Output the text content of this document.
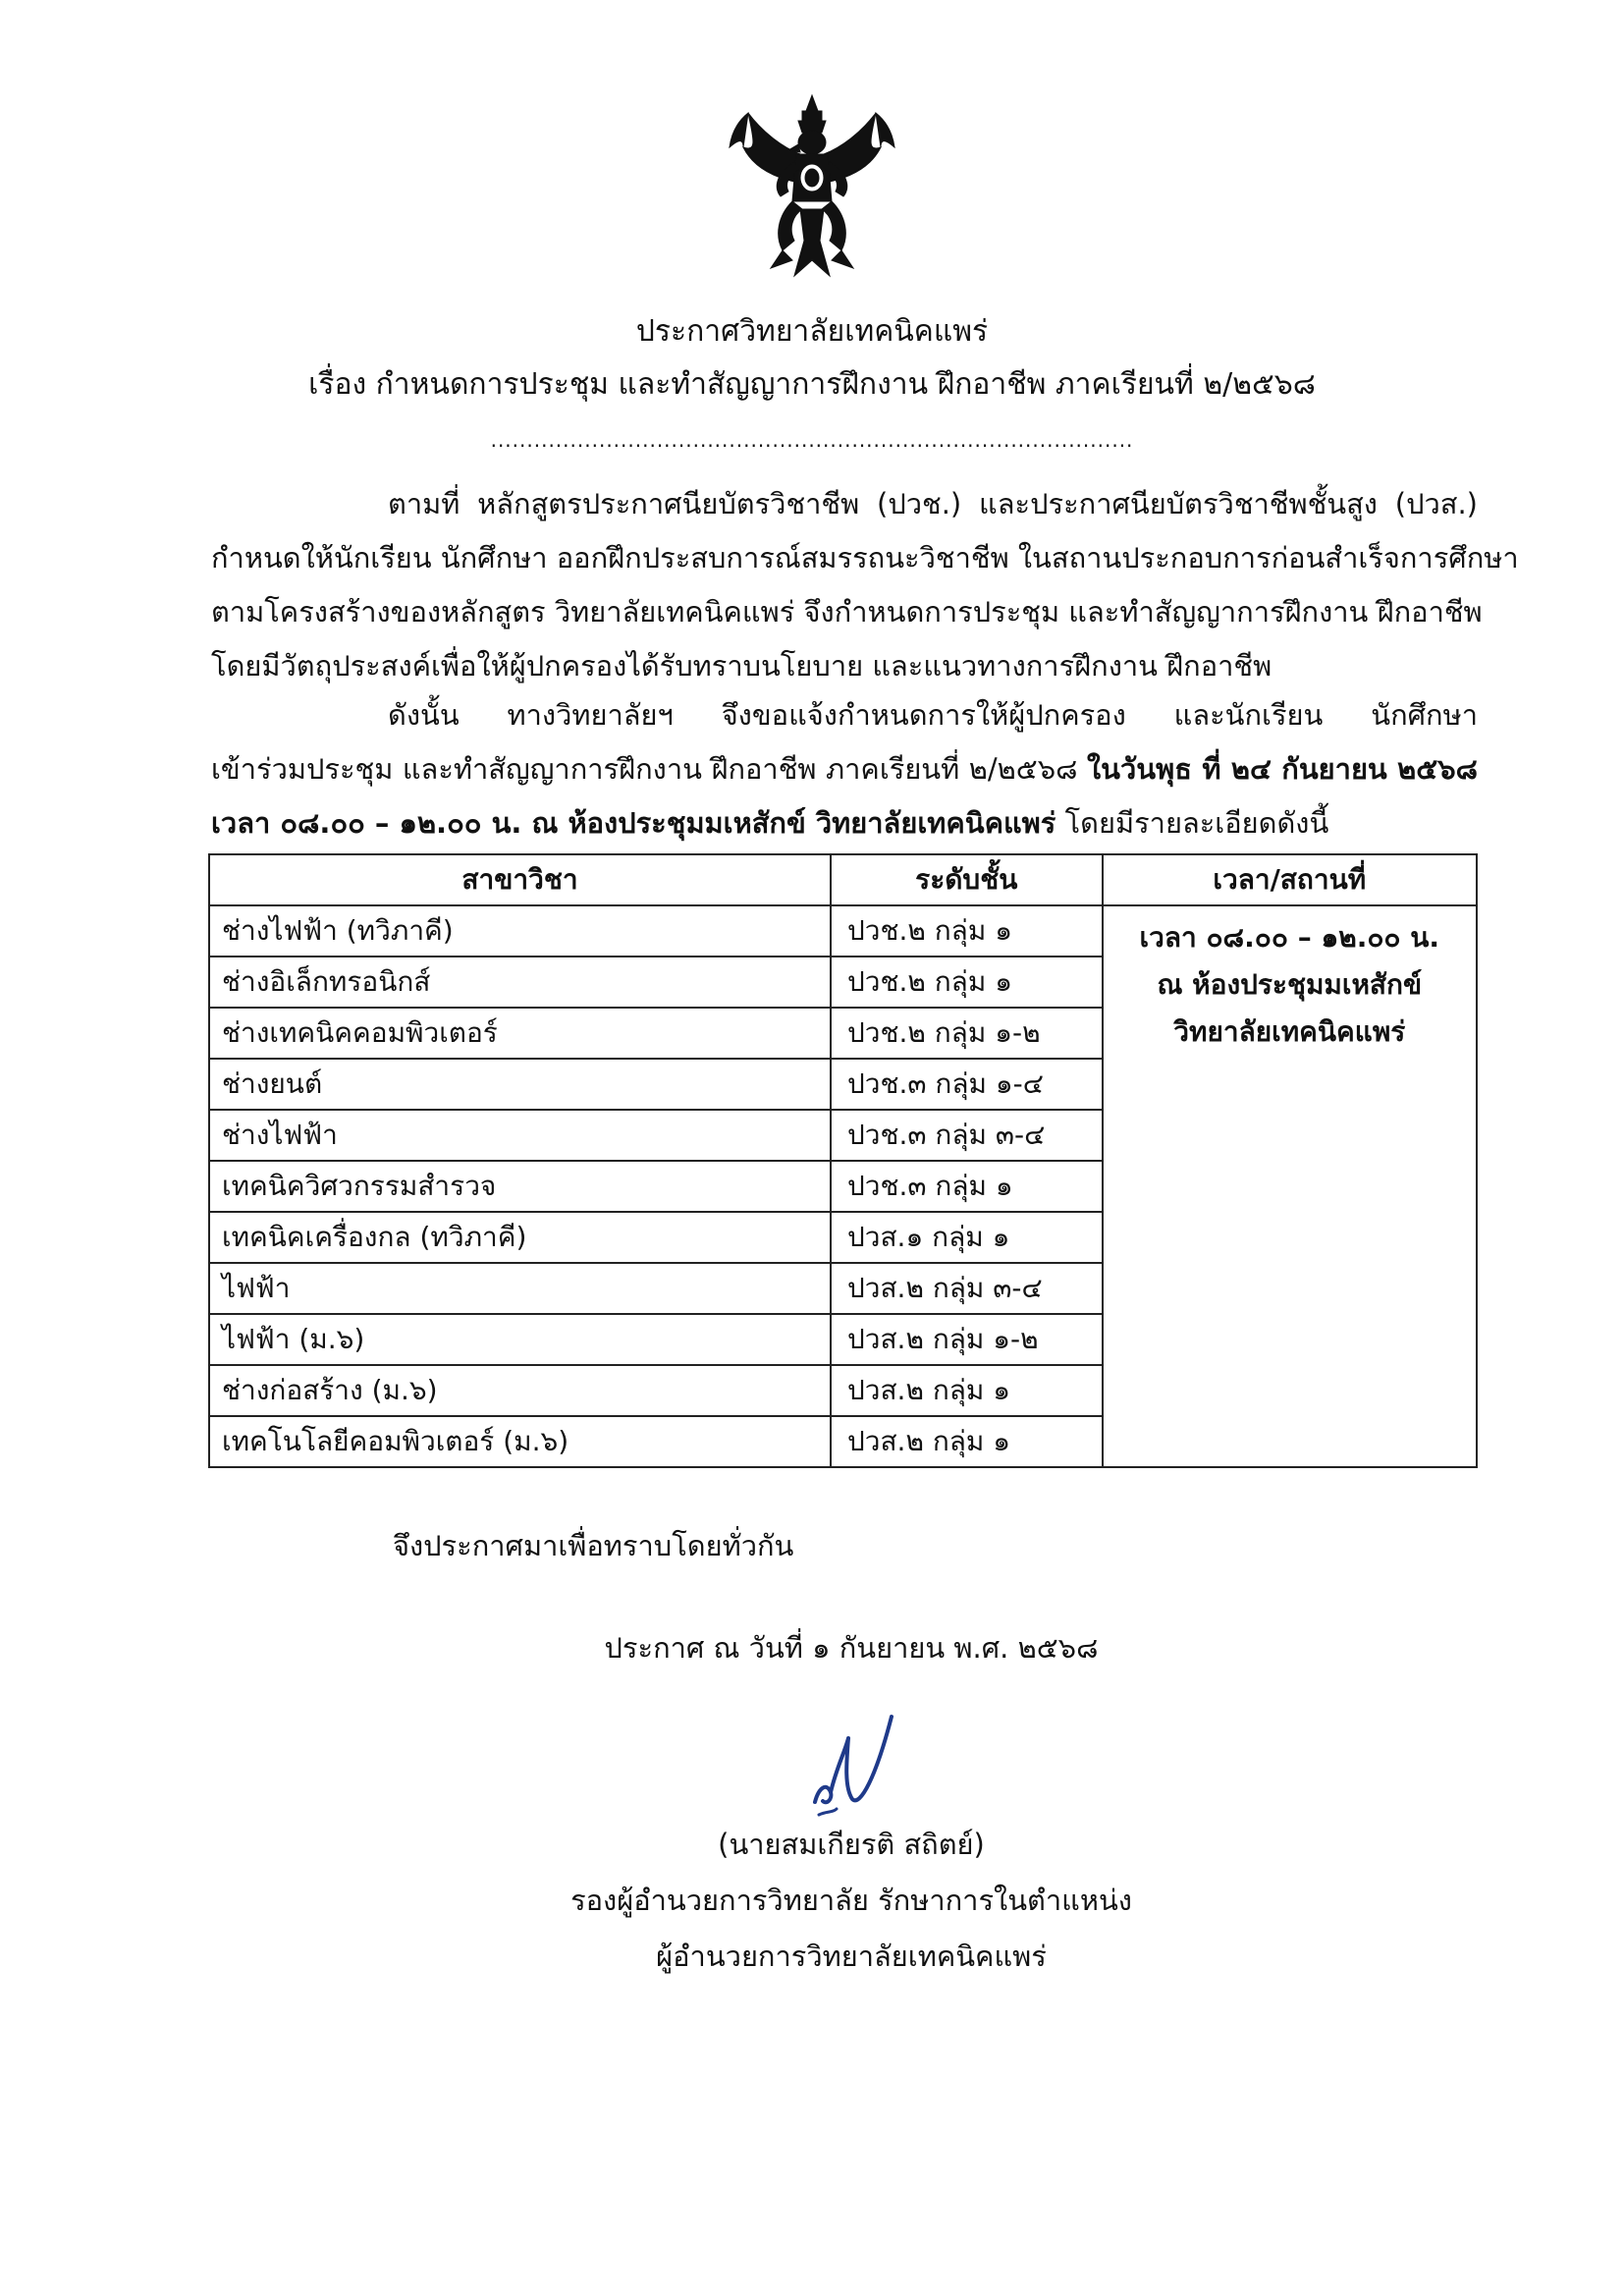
ประกาศวิทยาลัยเทคนิคแพร่
เรื่อง กำหนดการประชุม และทำสัญญาการฝึกงาน ฝึกอาชีพ ภาคเรียนที่ ๒/๒๕๖๘
.........................................................................................
ตามที่ หลักสูตรประกาศนียบัตรวิชาชีพ (ปวช.) และประกาศนียบัตรวิชาชีพชั้นสูง (ปวส.)
กำหนดให้นักเรียน นักศึกษา ออกฝึกประสบการณ์สมรรถนะวิชาชีพ ในสถานประกอบการก่อนสำเร็จการศึกษา
ตามโครงสร้างของหลักสูตร วิทยาลัยเทคนิคแพร่ จึงกำหนดการประชุม และทำสัญญาการฝึกงาน ฝึกอาชีพ
โดยมีวัตถุประสงค์เพื่อให้ผู้ปกครองได้รับทราบนโยบาย และแนวทางการฝึกงาน ฝึกอาชีพ
ดังนั้น ทางวิทยาลัยฯ จึงขอแจ้งกำหนดการให้ผู้ปกครอง และนักเรียน นักศึกษา
เข้าร่วมประชุม และทำสัญญาการฝึกงาน ฝึกอาชีพ ภาคเรียนที่ ๒/๒๕๖๘ ในวันพุธ ที่ ๒๔ กันยายน ๒๕๖๘
เวลา ๐๘.๐๐ – ๑๒.๐๐ น. ณ ห้องประชุมมเหสักข์ วิทยาลัยเทคนิคแพร่ โดยมีรายละเอียดดังนี้
สาขาวิชา	ระดับชั้น	เวลา/สถานที่
ช่างไฟฟ้า (ทวิภาคี)	ปวช.๒ กลุ่ม ๑	เวลา ๐๘.๐๐ – ๑๒.๐๐ น.
ณ ห้องประชุมมเหสักข์
วิทยาลัยเทคนิคแพร่

ช่างอิเล็กทรอนิกส์	ปวช.๒ กลุ่ม ๑	
ช่างเทคนิคคอมพิวเตอร์	ปวช.๒ กลุ่ม ๑-๒	
ช่างยนต์	ปวช.๓ กลุ่ม ๑-๔	
ช่างไฟฟ้า	ปวช.๓ กลุ่ม ๓-๔	
เทคนิควิศวกรรมสำรวจ	ปวช.๓ กลุ่ม ๑	
เทคนิคเครื่องกล (ทวิภาคี)	ปวส.๑ กลุ่ม ๑	
ไฟฟ้า	ปวส.๒ กลุ่ม ๓-๔	
ไฟฟ้า (ม.๖)	ปวส.๒ กลุ่ม ๑-๒	
ช่างก่อสร้าง (ม.๖)	ปวส.๒ กลุ่ม ๑	
เทคโนโลยีคอมพิวเตอร์ (ม.๖)	ปวส.๒ กลุ่ม ๑	
จึงประกาศมาเพื่อทราบโดยทั่วกัน
ประกาศ ณ วันที่ ๑ กันยายน พ.ศ. ๒๕๖๘
(นายสมเกียรติ สถิตย์)
รองผู้อำนวยการวิทยาลัย รักษาการในตำแหน่ง
ผู้อำนวยการวิทยาลัยเทคนิคแพร่
